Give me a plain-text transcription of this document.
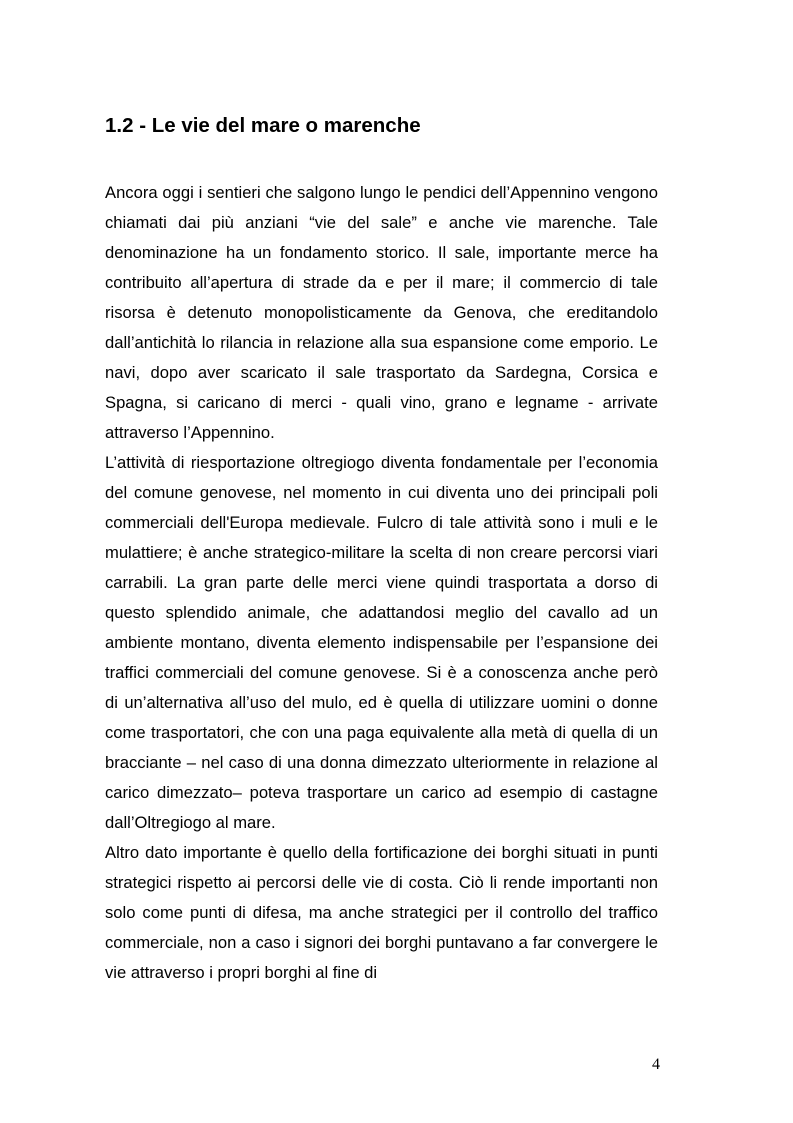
1.2 - Le vie del mare o marenche

Ancora oggi i sentieri che salgono lungo le pendici dell’Appennino vengono chiamati dai più anziani “vie del sale” e anche vie marenche. Tale denominazione ha un fondamento storico. Il sale, importante merce ha contribuito all’apertura di strade da e per il mare; il commercio di tale risorsa è detenuto monopolisticamente da Genova, che ereditandolo dall’antichità lo rilancia in relazione alla sua espansione come emporio. Le navi, dopo aver scaricato il sale trasportato da Sardegna, Corsica e Spagna, si caricano di merci - quali vino, grano e legname - arrivate attraverso l’Appennino.

L’attività di riesportazione oltregiogo diventa fondamentale per l’economia del comune genovese, nel momento in cui diventa uno dei principali poli commerciali dell'Europa medievale. Fulcro di tale attività sono i muli e le mulattiere; è anche strategico-militare la scelta di non creare percorsi viari carrabili. La gran parte delle merci viene quindi trasportata a dorso di questo splendido animale, che adattandosi meglio del cavallo ad un ambiente montano, diventa elemento indispensabile per l’espansione dei traffici commerciali del comune genovese. Si è a conoscenza anche però di un’alternativa all’uso del mulo, ed è quella di utilizzare uomini o donne come trasportatori, che con una paga equivalente alla metà di quella di un bracciante – nel caso di una donna dimezzato ulteriormente in relazione al carico dimezzato– poteva trasportare un carico ad esempio di castagne dall’Oltregiogo al mare.

Altro dato importante è quello della fortificazione dei borghi situati in punti strategici rispetto ai percorsi delle vie di costa. Ciò li rende importanti non solo come punti di difesa, ma anche strategici per il controllo del traffico commerciale, non a caso i signori dei borghi puntavano a far convergere le vie attraverso i propri borghi al fine di

4
